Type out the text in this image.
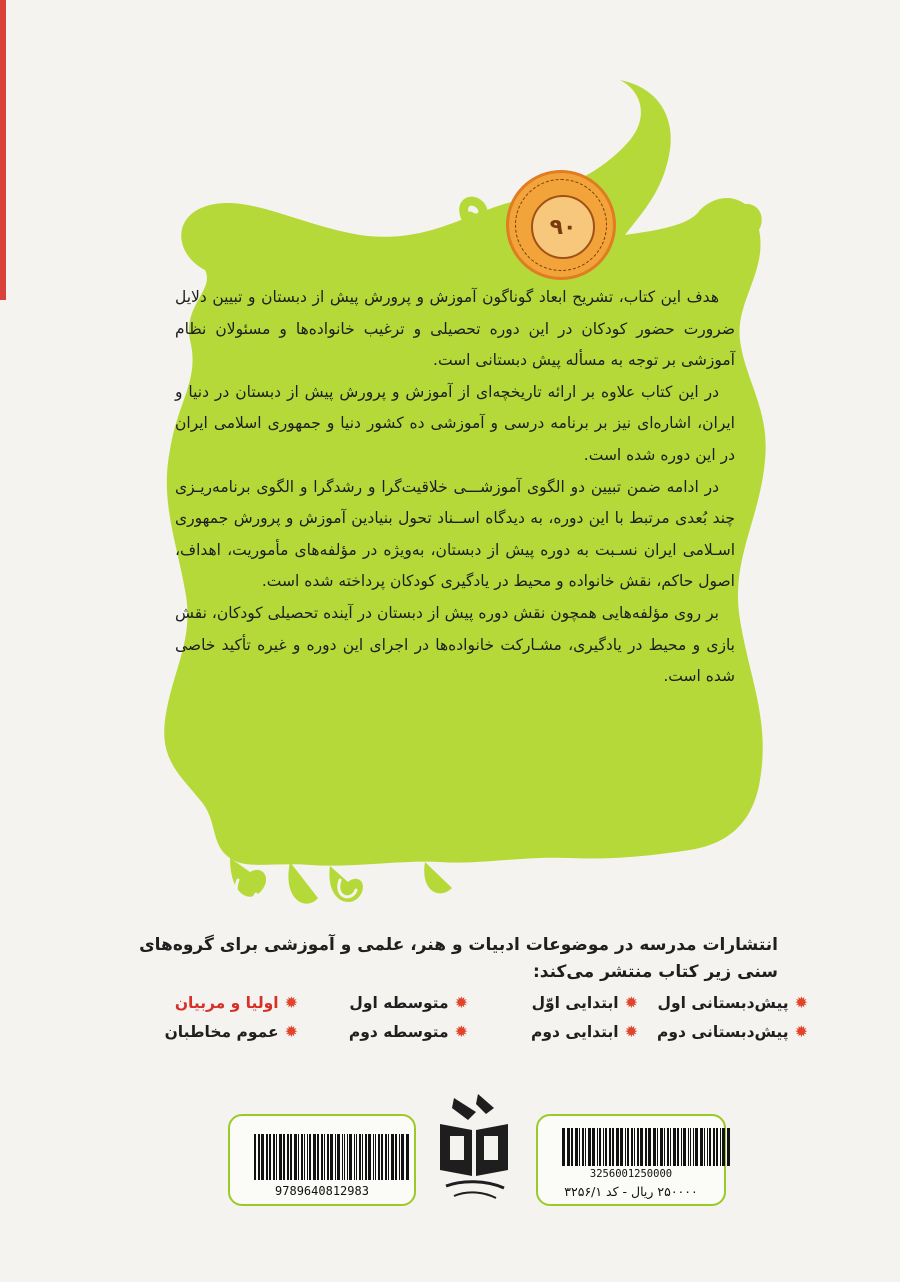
۹۰

هدف این کتاب، تشریح ابعاد گوناگون آموزش و پرورش پیش از دبستان و تبیین دلایل ضرورت حضور کودکان در این دوره تحصیلی و ترغیب خانواده‌ها و مسئولان نظام آموزشی بر توجه به مسأله پیش دبستانی است.

در این کتاب علاوه بر ارائه تاریخچه‌ای از آموزش و پرورش پیش از دبستان در دنیا و ایران، اشاره‌ای نیز بر برنامه درسی و آموزشی ده کشور دنیا و جمهوری اسلامی ایران در این دوره شده است.

در ادامه ضمن تبیین دو الگوی آموزشـــی خلاقیت‌گرا و رشدگرا و الگوی برنامه‌ریـزی چند بُعدی مرتبط با این دوره، به دیدگاه اســناد تحول بنیادین آموزش و پرورش جمهوری اسـلامی ایران نسـبت به دوره پیش از دبستان، به‌ویژه در مؤلفه‌های مأموریت، اهداف، اصول حاکم، نقش خانواده و محیط در یادگیری کودکان پرداخته شده است.

بر روی مؤلفه‌هایی همچون نقش دوره پیش از دبستان در آینده تحصیلی کودکان، نقش بازی و محیط در یادگیری، مشـارکت خانواده‌ها در اجرای این دوره و غیره تأکید خاصی شده است.

انتشارات مدرسه در موضوعات ادبیات و هنر، علمی و آموزشی برای گروه‌های سنی زیر کتاب منتشر می‌کند:
✹
پیش‌دبستانی اول
✹
ابتدایی اوّل
✹
متوسطه اول
✹
اولیا و مربیان
✹
پیش‌دبستانی دوم
✹
ابتدایی دوم
✹
متوسطه دوم
✹
عموم مخاطبان
9789640812983
3256001250000
۲۵۰۰۰۰ ریال - کد ۳۲۵۶/۱
